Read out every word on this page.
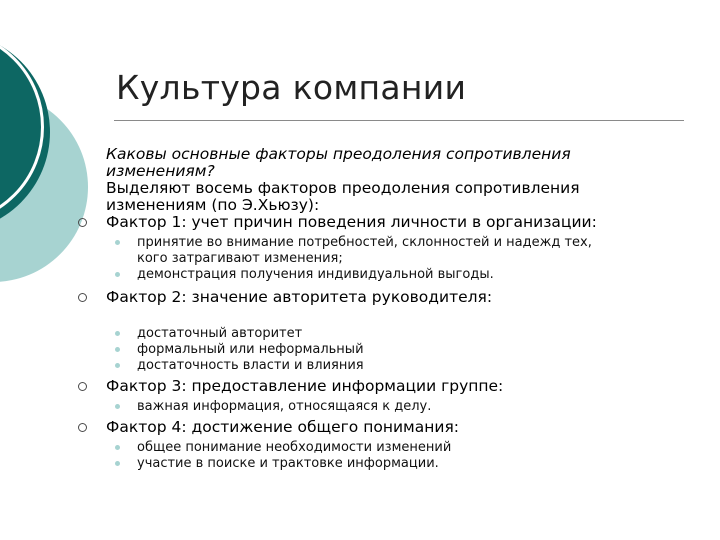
Культура компании
Каковы основные факторы преодоления сопротивления
изменениям?
Выделяют восемь факторов преодоления сопротивления
изменениям (по Э.Хьюзу):
Фактор 1: учет причин поведения личности в организации:
принятие во внимание потребностей, склонностей и надежд тех,
кого затрагивают изменения;
демонстрация получения индивидуальной выгоды.
Фактор 2: значение авторитета руководителя:
достаточный авторитет
формальный или неформальный
достаточность власти и влияния
Фактор 3: предоставление информации группе:
важная информация, относящаяся к делу.
Фактор 4: достижение общего понимания:
общее понимание необходимости изменений
участие в поиске и трактовке информации.
